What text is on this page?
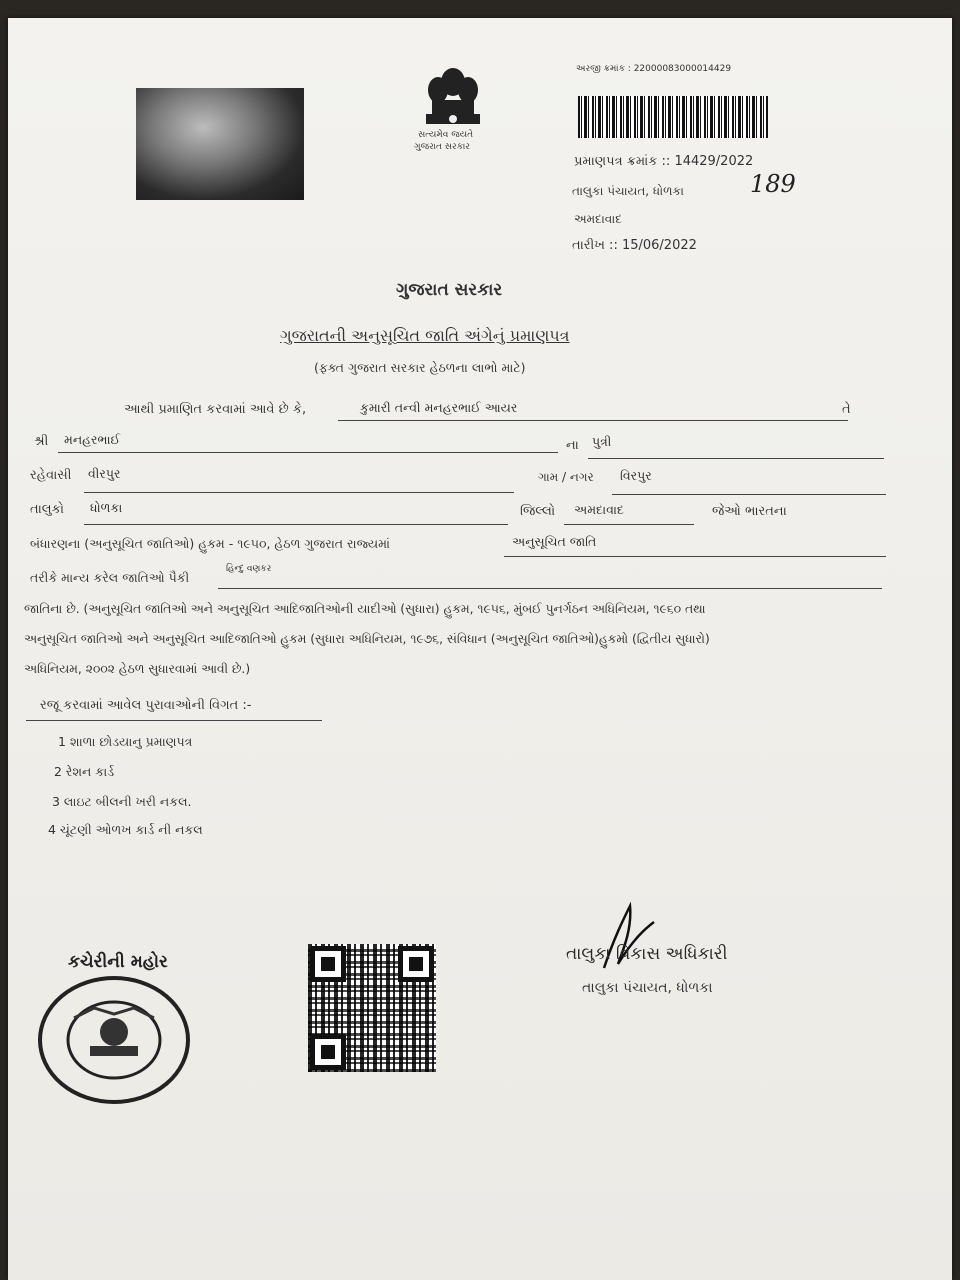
સત્યમેવ જયતે
ગુજરાત સરકાર
અરજી ક્રમાંક : 22000083000014429
પ્રમાણપત્ર ક્રમાંક :: 14429/2022
તાલુકા પંચાયત, ધોળકા	189
અમદાવાદ
તારીખ :: 15/06/2022
ગુજરાત સરકાર
ગુજરાતની અનુસૂચિત જાતિ અંગેનું પ્રમાણપત્ર
(ફક્ત ગુજરાત સરકાર હેઠળના લાભો માટે)
આથી પ્રમાણિત કરવામાં આવે છે કે,	કુમારી તન્વી મનહરભાઈ આયર	તે
શ્રી મનહરભાઈ	ના પુત્રી
રહેવાસી વીરપુર	ગામ / નગર વિરપુર
તાલુકો ધોળકા	જિલ્લો અમદાવાદ	જેઓ ભારતના
બંધારણના (અનુસૂચિત જાતિઓ) હુકમ - ૧૯૫૦, હેઠળ ગુજરાત રાજ્યમાં	અનુસૂચિત જાતિ
તરીકે માન્ય કરેલ જાતિઓ પૈકી
હિન્દુ વણકર
જાતિના છે. (અનુસૂચિત જાતિઓ અને અનુસૂચિત આદિજાતિઓની યાદીઓ (સુધારા) હુકમ, ૧૯૫૬, મુંબઈ પુનર્ગઠન અધિનિયમ, ૧૯૬૦ તથા
અનુસૂચિત જાતિઓ અને અનુસૂચિત આદિજાતિઓ હુકમ (સુધારા અધિનિયમ, ૧૯૭૬, સંવિધાન (અનુસૂચિત જાતિઓ)હુકમો (દ્વિતીય સુધારો)
અધિનિયમ, ૨૦૦૨ હેઠળ સુધારવામાં આવી છે.)
રજૂ કરવામાં આવેલ પુરાવાઓની વિગત :-
1 શાળા છોડયાનુ પ્રમાણપત્ર
2 રેશન કાર્ડ
3 લાઇટ બીલની ખરી નકલ.
4 ચૂંટણી ઓળખ કાર્ડ ની નકલ
કચેરીની મહોર	તાલુકા વિકાસ અધિકારી
તાલુકા પંચાયત, ધોળકા
